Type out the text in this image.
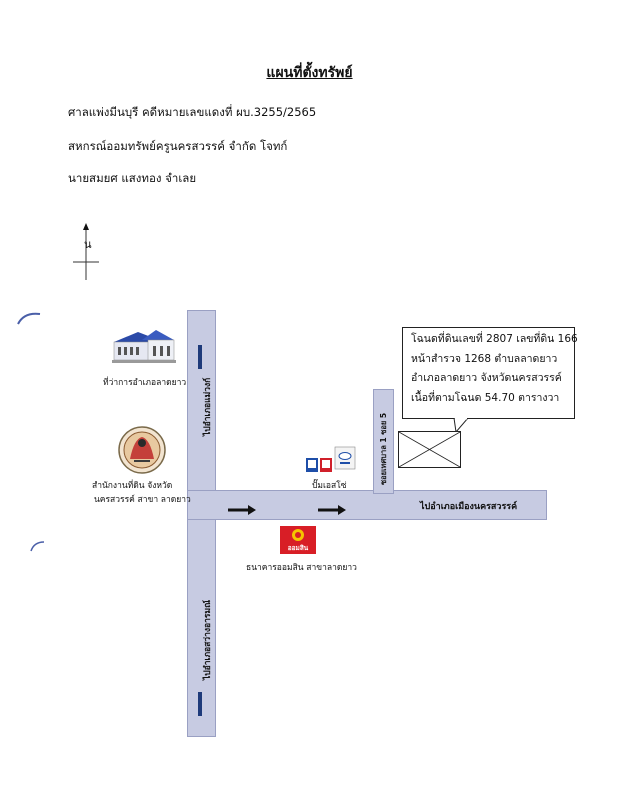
แผนที่ตั้งทรัพย์
ศาลแพ่งมีนบุรี คดีหมายเลขแดงที่ ผบ.3255/2565
สหกรณ์ออมทรัพย์ครูนครสวรรค์ จำกัด โจทก์
นายสมยศ แสงทอง จำเลย
น
ไปอำเภอแม่วงก์
ไปอำเภอสว่างอารมณ์
ไปอำเภอเมืองนครสวรรค์
ซอยเทศบาล 1 ซอย 5
ที่ว่าการอำเภอลาดยาว
สำนักงานที่ดิน จังหวัด
นครสวรรค์ สาขา ลาดยาว
ปั๊มเอสโซ่
ออมสิน
ธนาคารออมสิน สาขาลาดยาว
โฉนดที่ดินเลขที่ 2807 เลขที่ดิน 166
หน้าสำรวจ 1268 ตำบลลาดยาว
อำเภอลาดยาว จังหวัดนครสวรรค์
เนื้อที่ตามโฉนด 54.70 ตารางวา
